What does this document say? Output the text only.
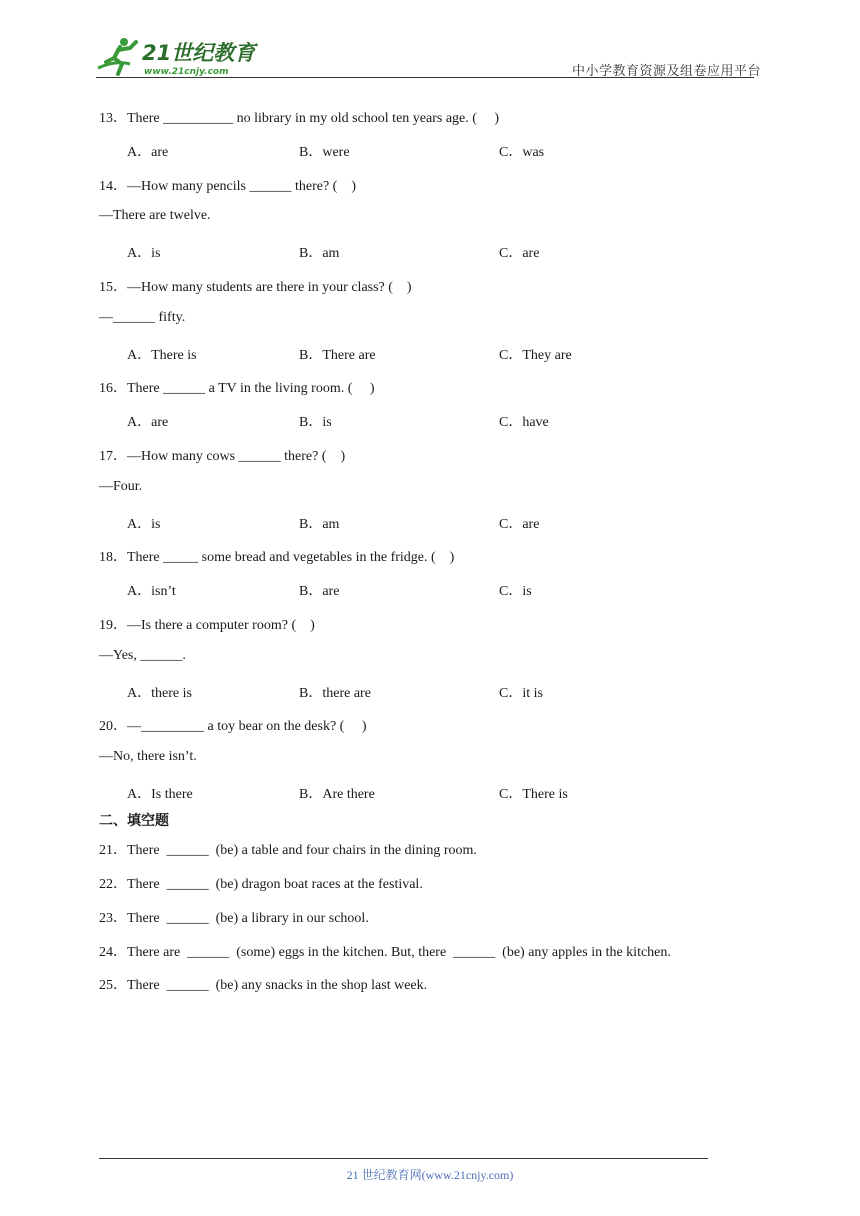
21世纪教育
www.21cnjy.com	中小学教育资源及组卷应用平台
13．There __________ no library in my old school ten years age. (     )
A．are	B．were	C．was
14．—How many pencils ______ there? (    )
—There are twelve.
A．is	B．am	C．are
15．—How many students are there in your class? (    )
—______ fifty.
A．There is	B．There are	C．They are
16．There ______ a TV in the living room. (     )
A．are	B．is	C．have
17．—How many cows ______ there? (    )
—Four.
A．is	B．am	C．are
18．There _____ some bread and vegetables in the fridge. (    )
A．isn’t	B．are	C．is
19．—Is there a computer room? (    )
—Yes, ______.
A．there is	B．there are	C．it is
20．—_________ a toy bear on the desk? (     )
—No, there isn’t.
A．Is there	B．Are there	C．There is
二、填空题
21．There  ______  (be) a table and four chairs in the dining room.
22．There  ______  (be) dragon boat races at the festival.
23．There  ______  (be) a library in our school.
24．There are  ______  (some) eggs in the kitchen. But, there  ______  (be) any apples in the kitchen.
25．There  ______  (be) any snacks in the shop last week.
21 世纪教育网(www.21cnjy.com)
